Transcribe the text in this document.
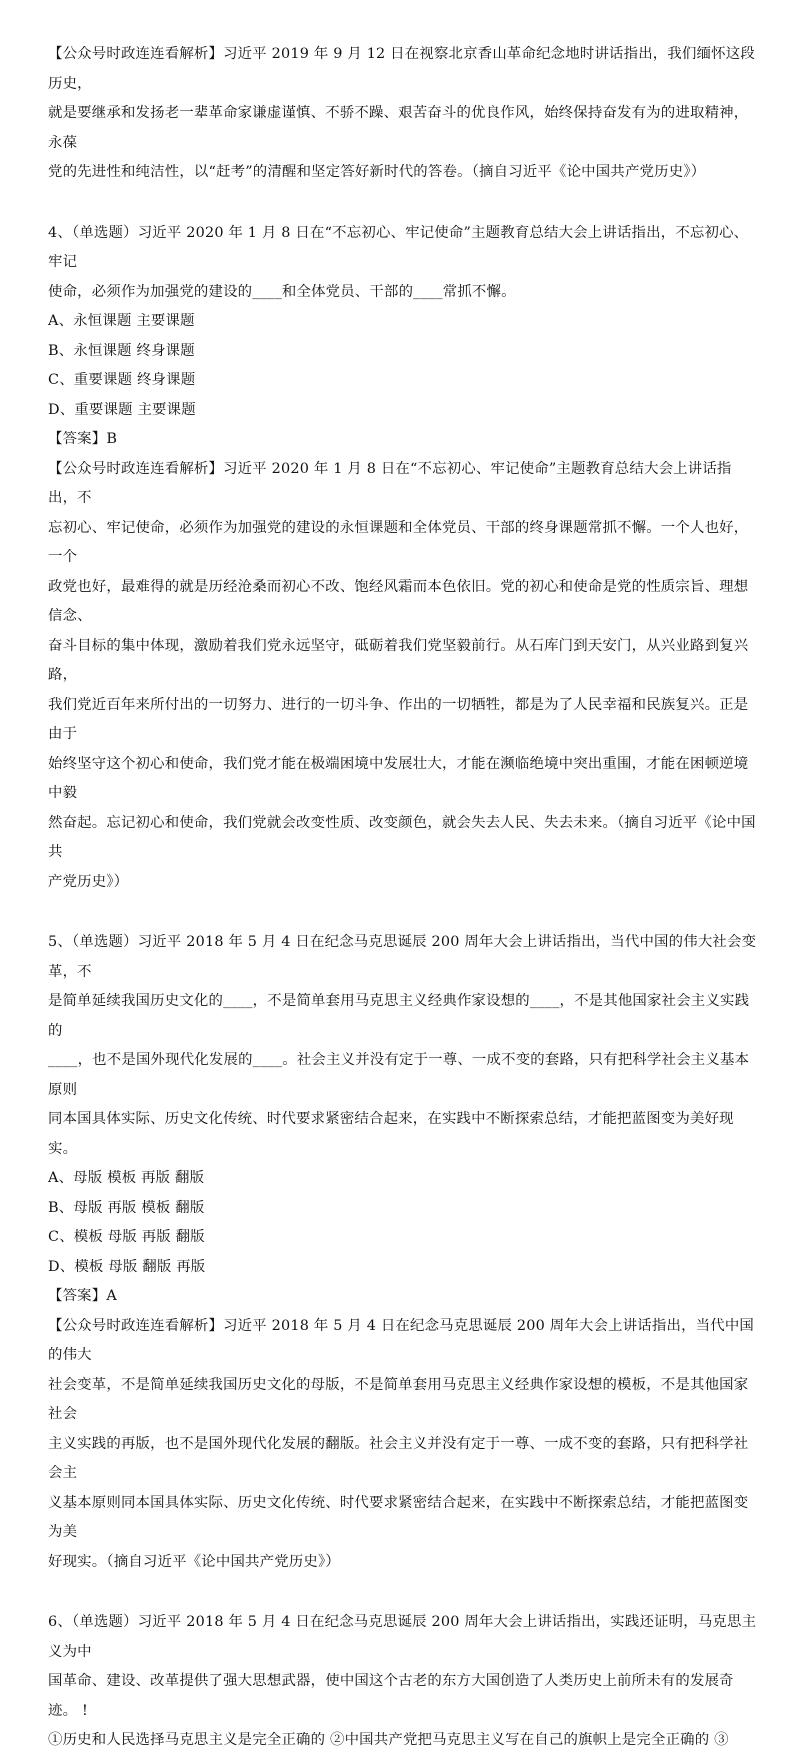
【公众号时政连连看解析】习近平 2019 年 9 月 12 日在视察北京香山革命纪念地时讲话指出，我们缅怀这段历史，

就是要继承和发扬老一辈革命家谦虚谨慎、不骄不躁、艰苦奋斗的优良作风，始终保持奋发有为的进取精神，永葆

党的先进性和纯洁性，以“赶考”的清醒和坚定答好新时代的答卷。（摘自习近平《论中国共产党历史》）

4、（单选题）习近平 2020 年 1 月 8 日在“不忘初心、牢记使命”主题教育总结大会上讲话指出，不忘初心、牢记

使命，必须作为加强党的建设的____和全体党员、干部的____常抓不懈。

A、永恒课题 主要课题

B、永恒课题 终身课题

C、重要课题 终身课题

D、重要课题 主要课题

【答案】B

【公众号时政连连看解析】习近平 2020 年 1 月 8 日在“不忘初心、牢记使命”主题教育总结大会上讲话指出，不

忘初心、牢记使命，必须作为加强党的建设的永恒课题和全体党员、干部的终身课题常抓不懈。一个人也好，一个

政党也好，最难得的就是历经沧桑而初心不改、饱经风霜而本色依旧。党的初心和使命是党的性质宗旨、理想信念、

奋斗目标的集中体现，激励着我们党永远坚守，砥砺着我们党坚毅前行。从石库门到天安门，从兴业路到复兴路，

我们党近百年来所付出的一切努力、进行的一切斗争、作出的一切牺牲，都是为了人民幸福和民族复兴。正是由于

始终坚守这个初心和使命，我们党才能在极端困境中发展壮大，才能在濒临绝境中突出重围，才能在困顿逆境中毅

然奋起。忘记初心和使命，我们党就会改变性质、改变颜色，就会失去人民、失去未来。（摘自习近平《论中国共

产党历史》）

5、（单选题）习近平 2018 年 5 月 4 日在纪念马克思诞辰 200 周年大会上讲话指出，当代中国的伟大社会变革，不

是简单延续我国历史文化的____，不是简单套用马克思主义经典作家设想的____，不是其他国家社会主义实践的

____，也不是国外现代化发展的____。社会主义并没有定于一尊、一成不变的套路，只有把科学社会主义基本原则

同本国具体实际、历史文化传统、时代要求紧密结合起来，在实践中不断探索总结，才能把蓝图变为美好现实。

A、母版 模板 再版 翻版

B、母版 再版 模板 翻版

C、模板 母版 再版 翻版

D、模板 母版 翻版 再版

【答案】A

【公众号时政连连看解析】习近平 2018 年 5 月 4 日在纪念马克思诞辰 200 周年大会上讲话指出，当代中国的伟大

社会变革，不是简单延续我国历史文化的母版，不是简单套用马克思主义经典作家设想的模板，不是其他国家社会

主义实践的再版，也不是国外现代化发展的翻版。社会主义并没有定于一尊、一成不变的套路，只有把科学社会主

义基本原则同本国具体实际、历史文化传统、时代要求紧密结合起来，在实践中不断探索总结，才能把蓝图变为美

好现实。（摘自习近平《论中国共产党历史》）

6、（单选题）习近平 2018 年 5 月 4 日在纪念马克思诞辰 200 周年大会上讲话指出，实践还证明，马克思主义为中

国革命、建设、改革提供了强大思想武器，使中国这个古老的东方大国创造了人类历史上前所未有的发展奇迹。 !

①历史和人民选择马克思主义是完全正确的 ②中国共产党把马克思主义写在自己的旗帜上是完全正确的 ③
